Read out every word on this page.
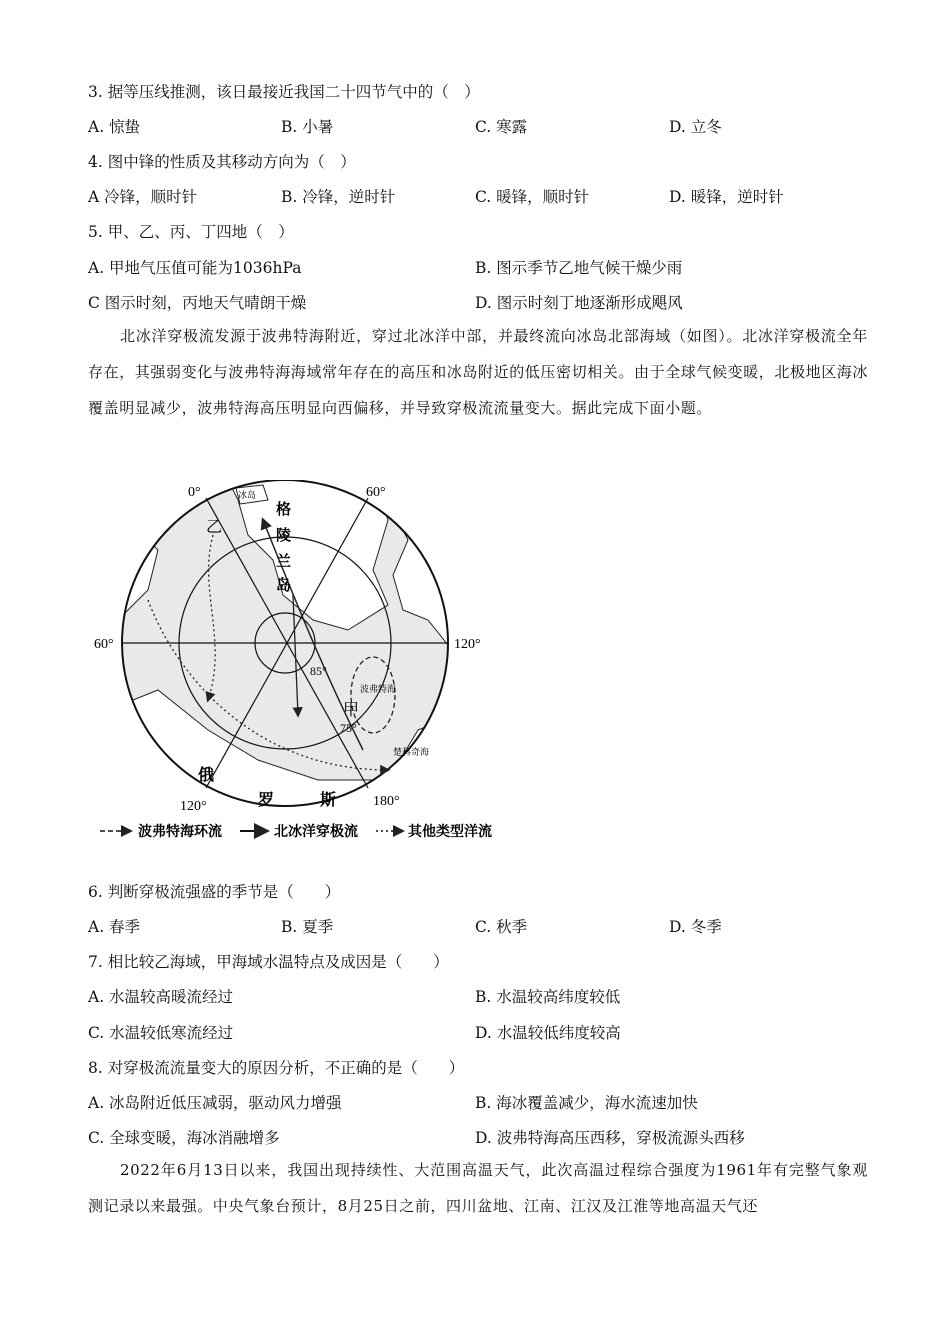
3. 据等压线推测，该日最接近我国二十四节气中的（　）
A. 惊蛰	B. 小暑	C. 寒露	D. 立冬
4. 图中锋的性质及其移动方向为（　）
A 冷锋，顺时针	B. 冷锋，逆时针	C. 暖锋，顺时针	D. 暖锋，逆时针
5. 甲、乙、丙、丁四地（　）
A. 甲地气压值可能为1036hPa	B. 图示季节乙地气候干燥少雨
C 图示时刻，丙地天气晴朗干燥	D. 图示时刻丁地逐渐形成飓风
北冰洋穿极流发源于波弗特海附近，穿过北冰洋中部，并最终流向冰岛北部海域（如图）。北冰洋穿极流全年存在，其强弱变化与波弗特海海域常年存在的高压和冰岛附近的低压密切相关。由于全球气候变暖，北极地区海冰覆盖明显减少，波弗特海高压明显向西偏移，并导致穿极流流量变大。据此完成下面小题。
0°	60°
60°	120°
120°	180°
85°
75°
格
陵
兰
岛
冰岛
乙
甲
波弗特海
楚科奇海
俄
罗	斯
波弗特海环流	北冰洋穿极流	其他类型洋流
6. 判断穿极流强盛的季节是（　　）
A. 春季	B. 夏季	C. 秋季	D. 冬季
7. 相比较乙海域，甲海域水温特点及成因是（　　）
A. 水温较高暖流经过	B. 水温较高纬度较低
C. 水温较低寒流经过	D. 水温较低纬度较高
8. 对穿极流流量变大的原因分析，不正确的是（　　）
A. 冰岛附近低压减弱，驱动风力增强	B. 海冰覆盖减少，海水流速加快
C. 全球变暖，海冰消融增多	D. 波弗特海高压西移，穿极流源头西移
2022年6月13日以来，我国出现持续性、大范围高温天气，此次高温过程综合强度为1961年有完整气象观测记录以来最强。中央气象台预计，8月25日之前，四川盆地、江南、江汉及江淮等地高温天气还
